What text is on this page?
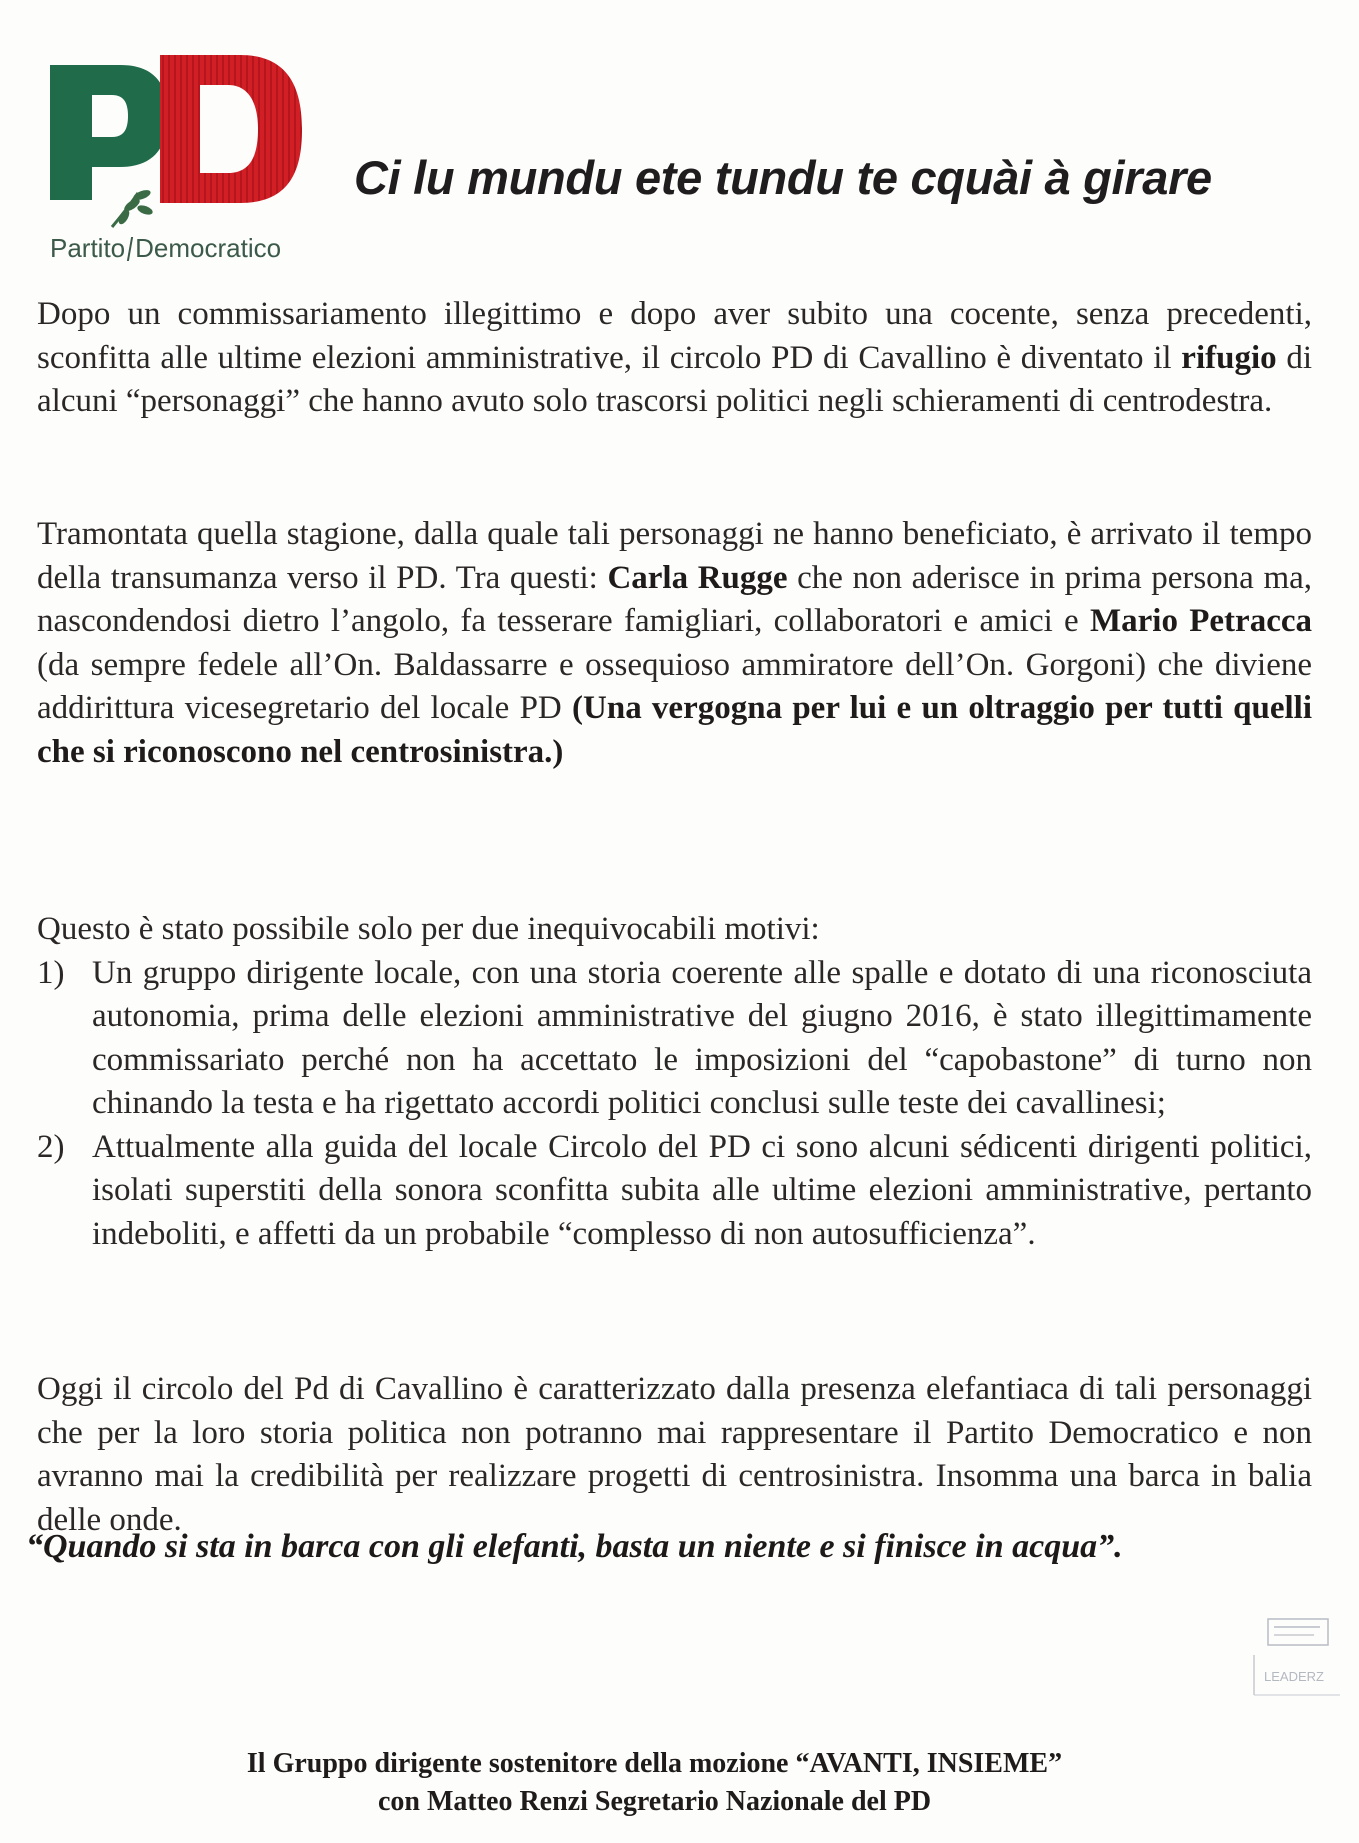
Partito Democratico
Ci lu mundu ete tundu te cquài à girare
Dopo un commissariamento illegittimo e dopo aver subito una cocente, senza precedenti, sconfitta alle ultime elezioni amministrative, il circolo PD di Cavallino è diventato il rifugio di alcuni “personaggi” che hanno avuto solo trascorsi politici negli schieramenti di centrodestra.
Tramontata quella stagione, dalla quale tali personaggi ne hanno beneficiato, è arrivato il tempo della transumanza verso il PD. Tra questi: Carla Rugge che non aderisce in prima persona ma, nascondendosi dietro l’angolo, fa tesserare famigliari, collaboratori e amici e Mario Petracca (da sempre fedele all’On. Baldassarre e ossequioso ammiratore dell’On. Gorgoni) che diviene addirittura vicesegretario del locale PD (Una vergogna per lui e un oltraggio per tutti quelli che si riconoscono nel centrosinistra.)
Questo è stato possibile solo per due inequivocabili motivi:
1) Un gruppo dirigente locale, con una storia coerente alle spalle e dotato di una riconosciuta autonomia, prima delle elezioni amministrative del giugno 2016, è stato illegittimamente commissariato perché non ha accettato le imposizioni del “capobastone” di turno non chinando la testa e ha rigettato accordi politici conclusi sulle teste dei cavallinesi;
2) Attualmente alla guida del locale Circolo del PD ci sono alcuni sédicenti dirigenti politici, isolati superstiti della sonora sconfitta subita alle ultime elezioni amministrative, pertanto indeboliti, e affetti da un probabile “complesso di non autosufficienza”.
Oggi il circolo del Pd di Cavallino è caratterizzato dalla presenza elefantiaca di tali personaggi che per la loro storia politica non potranno mai rappresentare il Partito Democratico e non avranno mai la credibilità per realizzare progetti di centrosinistra. Insomma una barca in balia delle onde.
“Quando si sta in barca con gli elefanti, basta un niente e si finisce in acqua”.
LEADERZ
Il Gruppo dirigente sostenitore della mozione “AVANTI, INSIEME”
con Matteo Renzi Segretario Nazionale del PD
